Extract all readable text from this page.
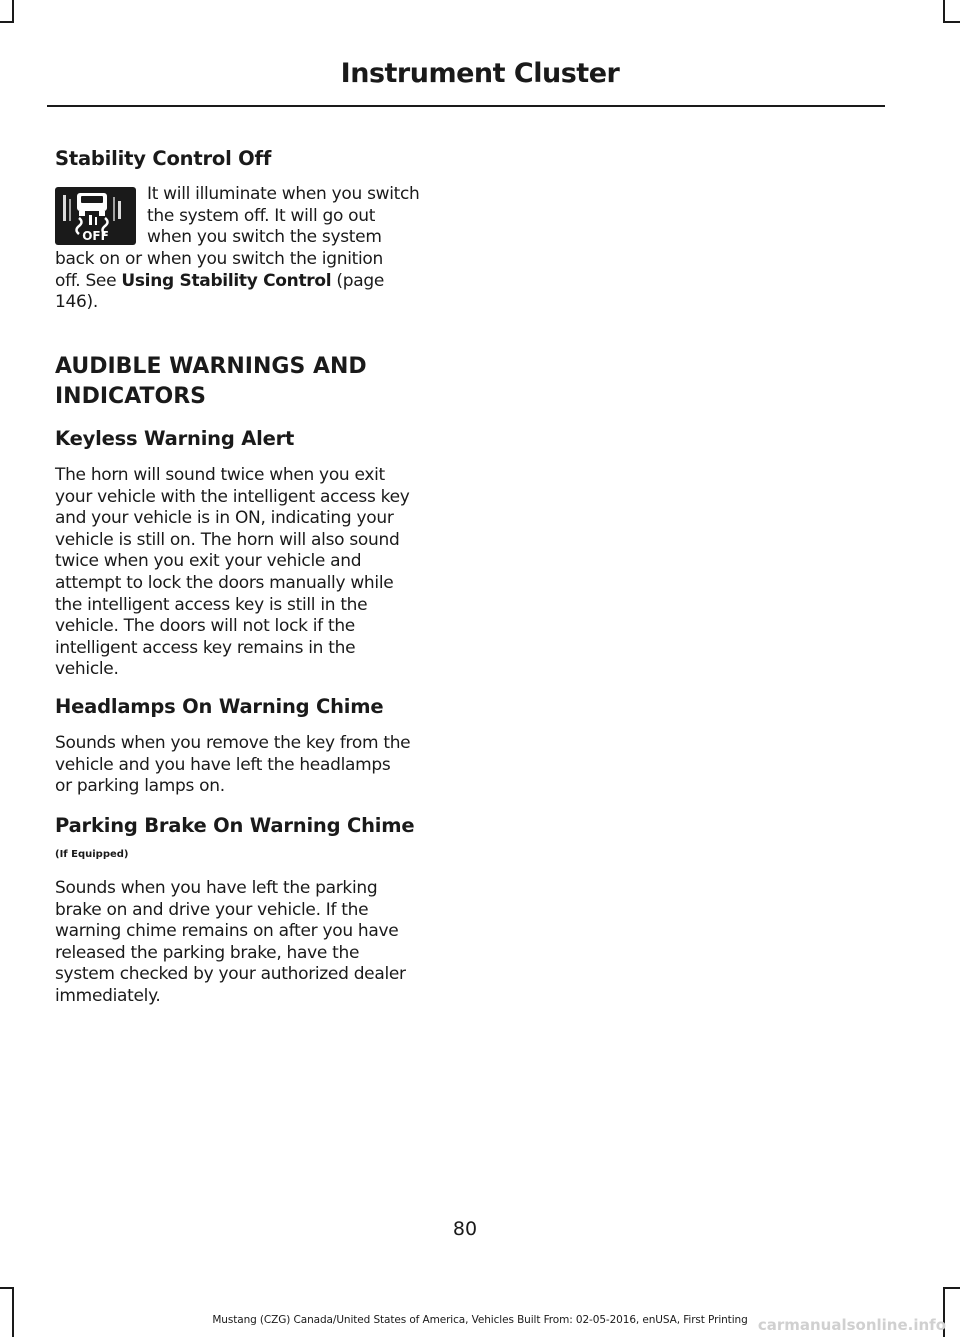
Instrument Cluster

Stability Control Off

OFF

It will illuminate when you switch

the system off. It will go out

when you switch the system

back on or when you switch the ignition

off. See Using Stability Control (page

146).

AUDIBLE WARNINGS AND

INDICATORS

Keyless Warning Alert

The horn will sound twice when you exit

your vehicle with the intelligent access key

and your vehicle is in ON, indicating your

vehicle is still on. The horn will also sound

twice when you exit your vehicle and

attempt to lock the doors manually while

the intelligent access key is still in the

vehicle. The doors will not lock if the

intelligent access key remains in the

vehicle.

Headlamps On Warning Chime

Sounds when you remove the key from the

vehicle and you have left the headlamps

or parking lamps on.

Parking Brake On Warning Chime

(If Equipped)

Sounds when you have left the parking

brake on and drive your vehicle. If the

warning chime remains on after you have

released the parking brake, have the

system checked by your authorized dealer

immediately.

80
Mustang (CZG) Canada/United States of America, Vehicles Built From: 02-05-2016, enUSA, First Printing carmanualsonline.info
